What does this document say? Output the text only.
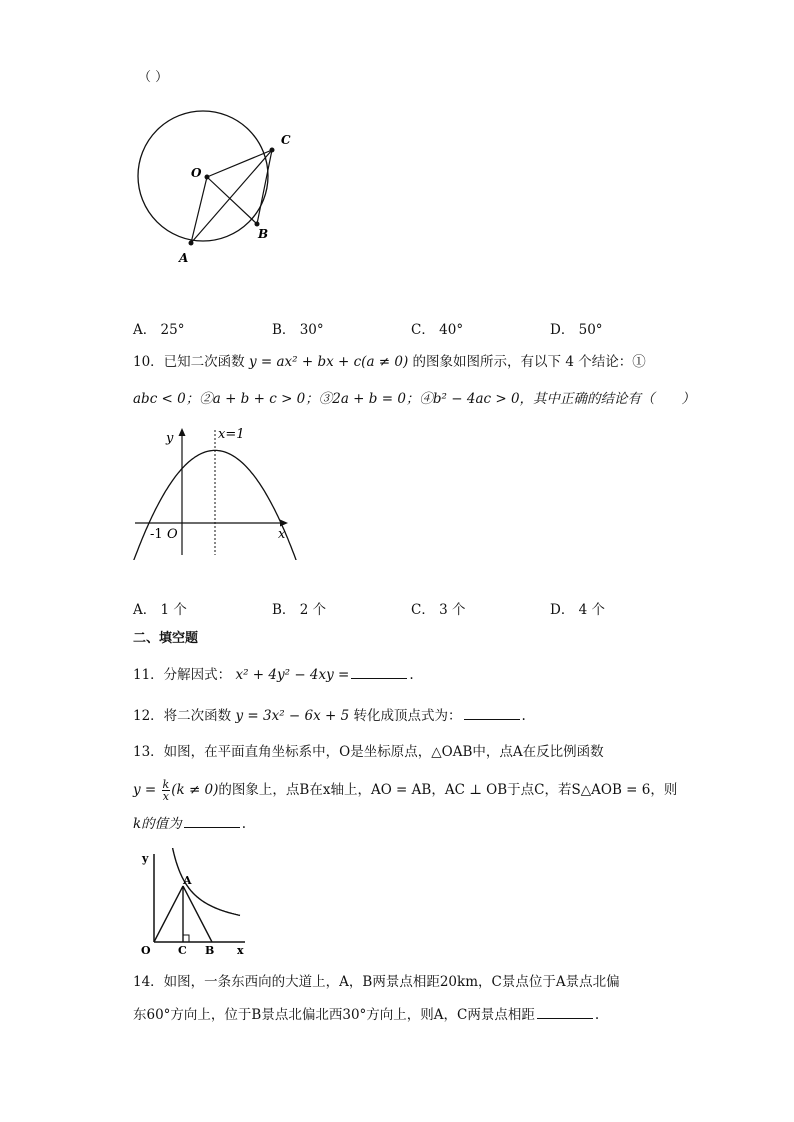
（ ）
O
C
A
B
A． 25°	B． 30°	C． 40°	D． 50°
10．已知二次函数 y = ax² + bx + c(a ≠ 0) 的图象如图所示，有以下 4 个结论：①
abc < 0；②a + b + c > 0；③2a + b = 0；④b² − 4ac > 0，其中正确的结论有（　　）
y	x=1
-1 O	x
A． 1 个	B． 2 个	C． 3 个	D． 4 个
二、填空题
11．分解因式： x² + 4y² − 4xy =	.
12．将二次函数 y = 3x² − 6x + 5 转化成顶点式为：	.
13．如图，在平面直角坐标系中，O是坐标原点，△OAB中，点A在反比例函数
$y = \frac{k}{x} (k \ne 0)$的图象上，点B在x轴上，AO = AB，AC ⊥ OB于点C，若S△AOB = 6，则
k的值为	.
y
A
O C B x
14．如图，一条东西向的大道上，A，B两景点相距20km，C景点位于A景点北偏
东60°方向上，位于B景点北偏北西30°方向上，则A，C两景点相距	.
